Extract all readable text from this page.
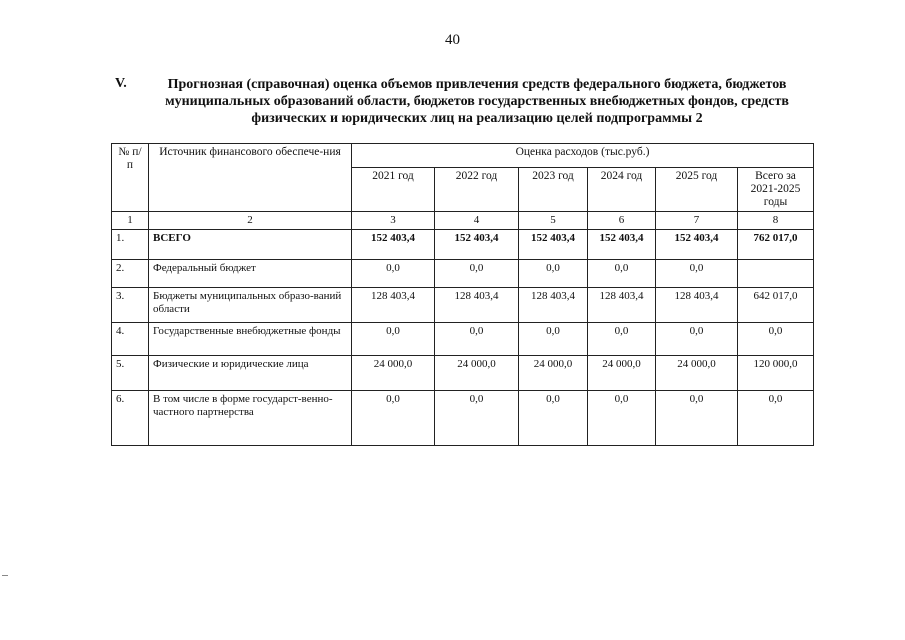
40
V.	Прогнозная (справочная) оценка объемов привлечения средств федерального бюджета, бюджетов
муниципальных образований области, бюджетов государственных внебюджетных фондов, средств
физических и юридических лиц на реализацию целей подпрограммы 2
№ п/п	Источник финансового обеспече-ния	Оценка расходов (тыс.руб.)					
		2021 год	2022 год	2023 год	2024 год	2025 год	Всего за 2021-2025 годы
1	2	3	4	5	6	7	8
1.	ВСЕГО	152 403,4	152 403,4	152 403,4	152 403,4	152 403,4	762 017,0
2.	Федеральный бюджет	0,0	0,0	0,0	0,0	0,0	
3.	Бюджеты муниципальных образо-ваний области	128 403,4	128 403,4	128 403,4	128 403,4	128 403,4	642 017,0
4.	Государственные внебюджетные фонды	0,0	0,0	0,0	0,0	0,0	0,0
5.	Физические и юридические лица	24 000,0	24 000,0	24 000,0	24 000,0	24 000,0	120 000,0
6.	В том числе в форме государст-венно-частного партнерства	0,0	0,0	0,0	0,0	0,0	0,0
